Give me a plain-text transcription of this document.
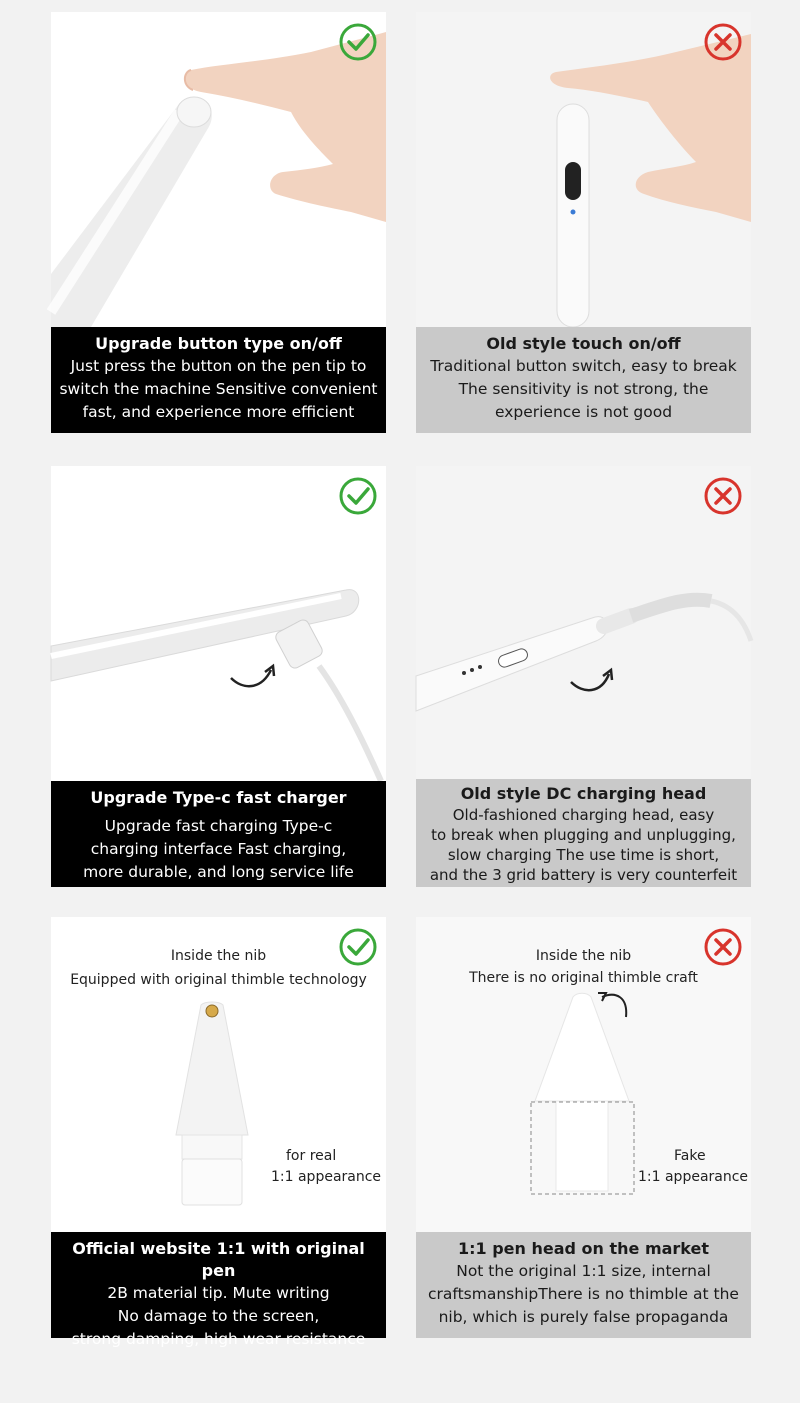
Upgrade button type on/off
Just press the button on the pen tip to
switch the machine Sensitive convenient
fast, and experience more efficient
Old style touch on/off
Traditional button switch, easy to break
The sensitivity is not strong, the
experience is not good
Upgrade Type-c fast charger
Upgrade fast charging Type-c
charging interface Fast charging,
more durable, and long service life
Old style DC charging head
Old-fashioned charging head, easy
to break when plugging and unplugging,
slow charging The use time is short,
and the 3 grid battery is very counterfeit
Inside the nib
Equipped with original thimble technology
for real
1:1 appearance
Official website 1:1 with original pen
2B material tip. Mute writing
No damage to the screen,
strong damping, high wear resistance
Inside the nib
There is no original thimble craft
Fake
1:1 appearance
1:1 pen head on the market
Not the original 1:1 size, internal
craftsmanshipThere is no thimble at the
nib, which is purely false propaganda
